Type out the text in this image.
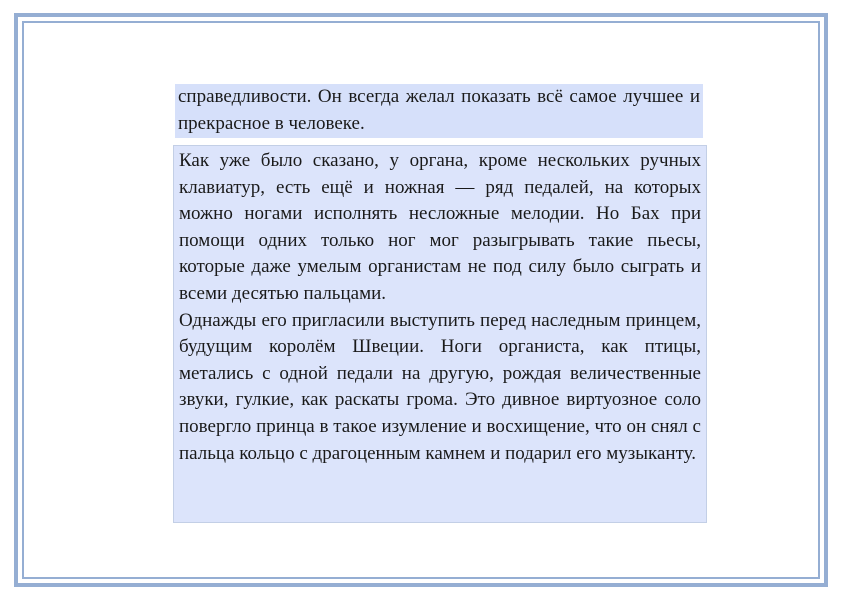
справедливости. Он всегда желал показать всё самое лучшее и прекрасное в человеке.

Как уже было сказано, у органа, кроме нескольких ручных клавиатур, есть ещё и ножная — ряд педалей, на которых можно ногами исполнять несложные мелодии. Но Бах при помощи одних только ног мог разыгрывать такие пьесы, которые даже умелым органистам не под силу было сыграть и всеми десятью пальцами.

Однажды его пригласили выступить перед наследным принцем, будущим королём Швеции. Ноги органиста, как птицы, метались с одной педали на другую, рождая величественные звуки, гулкие, как раскаты грома. Это дивное виртуозное соло повергло принца в такое изумление и восхищение, что он снял с пальца кольцо с драгоценным камнем и подарил его музыканту.
